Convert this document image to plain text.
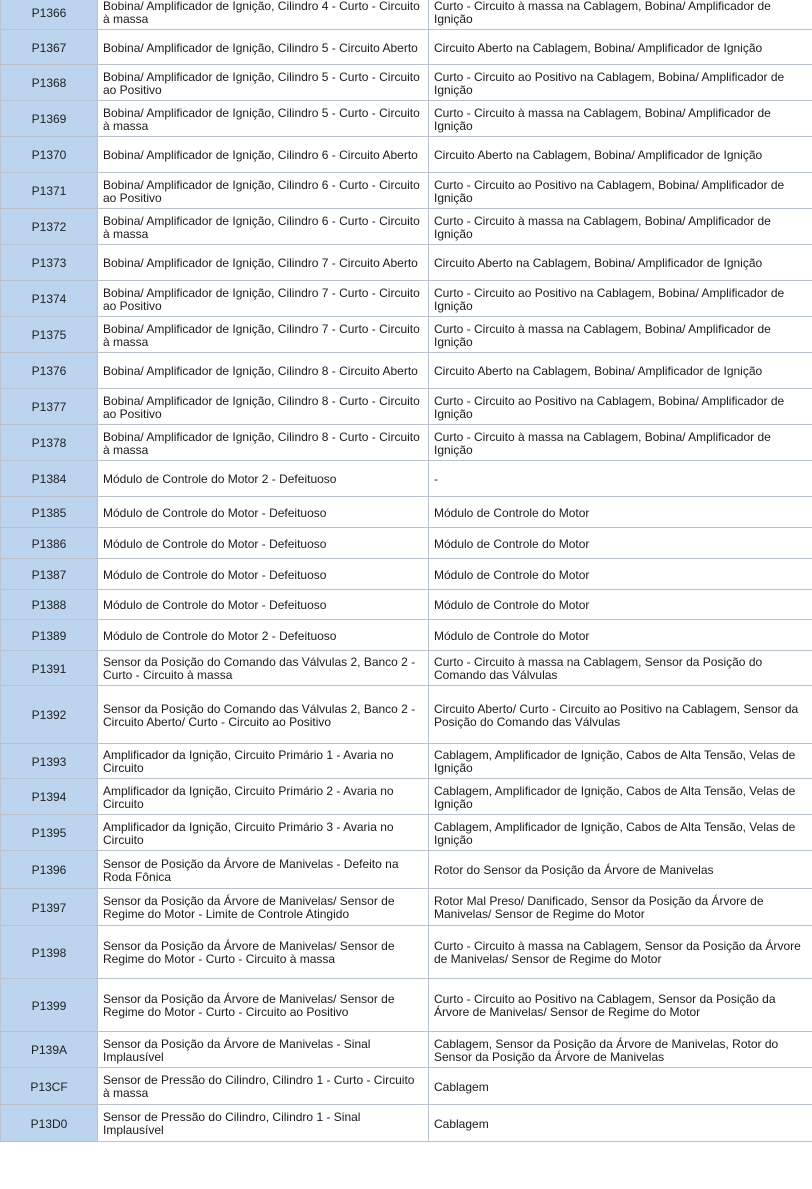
P1366	Bobina/ Amplificador de Ignição, Cilindro 4 - Curto - Circuito à massa	Curto - Circuito à massa na Cablagem, Bobina/ Amplificador de Ignição
P1367	Bobina/ Amplificador de Ignição, Cilindro 5 - Circuito Aberto	Circuito Aberto na Cablagem, Bobina/ Amplificador de Ignição
P1368	Bobina/ Amplificador de Ignição, Cilindro 5 - Curto - Circuito ao Positivo	Curto - Circuito ao Positivo na Cablagem, Bobina/ Amplificador de Ignição
P1369	Bobina/ Amplificador de Ignição, Cilindro 5 - Curto - Circuito à massa	Curto - Circuito à massa na Cablagem, Bobina/ Amplificador de Ignição
P1370	Bobina/ Amplificador de Ignição, Cilindro 6 - Circuito Aberto	Circuito Aberto na Cablagem, Bobina/ Amplificador de Ignição
P1371	Bobina/ Amplificador de Ignição, Cilindro 6 - Curto - Circuito ao Positivo	Curto - Circuito ao Positivo na Cablagem, Bobina/ Amplificador de Ignição
P1372	Bobina/ Amplificador de Ignição, Cilindro 6 - Curto - Circuito à massa	Curto - Circuito à massa na Cablagem, Bobina/ Amplificador de Ignição
P1373	Bobina/ Amplificador de Ignição, Cilindro 7 - Circuito Aberto	Circuito Aberto na Cablagem, Bobina/ Amplificador de Ignição
P1374	Bobina/ Amplificador de Ignição, Cilindro 7 - Curto - Circuito ao Positivo	Curto - Circuito ao Positivo na Cablagem, Bobina/ Amplificador de Ignição
P1375	Bobina/ Amplificador de Ignição, Cilindro 7 - Curto - Circuito à massa	Curto - Circuito à massa na Cablagem, Bobina/ Amplificador de Ignição
P1376	Bobina/ Amplificador de Ignição, Cilindro 8 - Circuito Aberto	Circuito Aberto na Cablagem, Bobina/ Amplificador de Ignição
P1377	Bobina/ Amplificador de Ignição, Cilindro 8 - Curto - Circuito ao Positivo	Curto - Circuito ao Positivo na Cablagem, Bobina/ Amplificador de Ignição
P1378	Bobina/ Amplificador de Ignição, Cilindro 8 - Curto - Circuito à massa	Curto - Circuito à massa na Cablagem, Bobina/ Amplificador de Ignição
P1384	Módulo de Controle do Motor 2 - Defeituoso	-
P1385	Módulo de Controle do Motor - Defeituoso	Módulo de Controle do Motor
P1386	Módulo de Controle do Motor - Defeituoso	Módulo de Controle do Motor
P1387	Módulo de Controle do Motor - Defeituoso	Módulo de Controle do Motor
P1388	Módulo de Controle do Motor - Defeituoso	Módulo de Controle do Motor
P1389	Módulo de Controle do Motor 2 - Defeituoso	Módulo de Controle do Motor
P1391	Sensor da Posição do Comando das Válvulas 2, Banco 2 - Curto - Circuito à massa	Curto - Circuito à massa na Cablagem, Sensor da Posição do Comando das Válvulas
P1392	Sensor da Posição do Comando das Válvulas 2, Banco 2 - Circuito Aberto/ Curto - Circuito ao Positivo	Circuito Aberto/ Curto - Circuito ao Positivo na Cablagem, Sensor da Posição do Comando das Válvulas
P1393	Amplificador da Ignição, Circuito Primário 1 - Avaria no Circuito	Cablagem, Amplificador de Ignição, Cabos de Alta Tensão, Velas de Ignição
P1394	Amplificador da Ignição, Circuito Primário 2 - Avaria no Circuito	Cablagem, Amplificador de Ignição, Cabos de Alta Tensão, Velas de Ignição
P1395	Amplificador da Ignição, Circuito Primário 3 - Avaria no Circuito	Cablagem, Amplificador de Ignição, Cabos de Alta Tensão, Velas de Ignição
P1396	Sensor de Posição da Árvore de Manivelas - Defeito na Roda Fônica	Rotor do Sensor da Posição da Árvore de Manivelas
P1397	Sensor da Posição da Árvore de Manivelas/ Sensor de Regime do Motor - Limite de Controle Atingido	Rotor Mal Preso/ Danificado, Sensor da Posição da Árvore de Manivelas/ Sensor de Regime do Motor
P1398	Sensor da Posição da Árvore de Manivelas/ Sensor de Regime do Motor - Curto - Circuito à massa	Curto - Circuito à massa na Cablagem, Sensor da Posição da Árvore de Manivelas/ Sensor de Regime do Motor
P1399	Sensor da Posição da Árvore de Manivelas/ Sensor de Regime do Motor - Curto - Circuito ao Positivo	Curto - Circuito ao Positivo na Cablagem, Sensor da Posição da Árvore de Manivelas/ Sensor de Regime do Motor
P139A	Sensor da Posição da Árvore de Manivelas - Sinal Implausível	Cablagem, Sensor da Posição da Árvore de Manivelas, Rotor do Sensor da Posição da Árvore de Manivelas
P13CF	Sensor de Pressão do Cilindro, Cilindro 1 - Curto - Circuito à massa	Cablagem
P13D0	Sensor de Pressão do Cilindro, Cilindro 1 - Sinal Implausível	Cablagem
